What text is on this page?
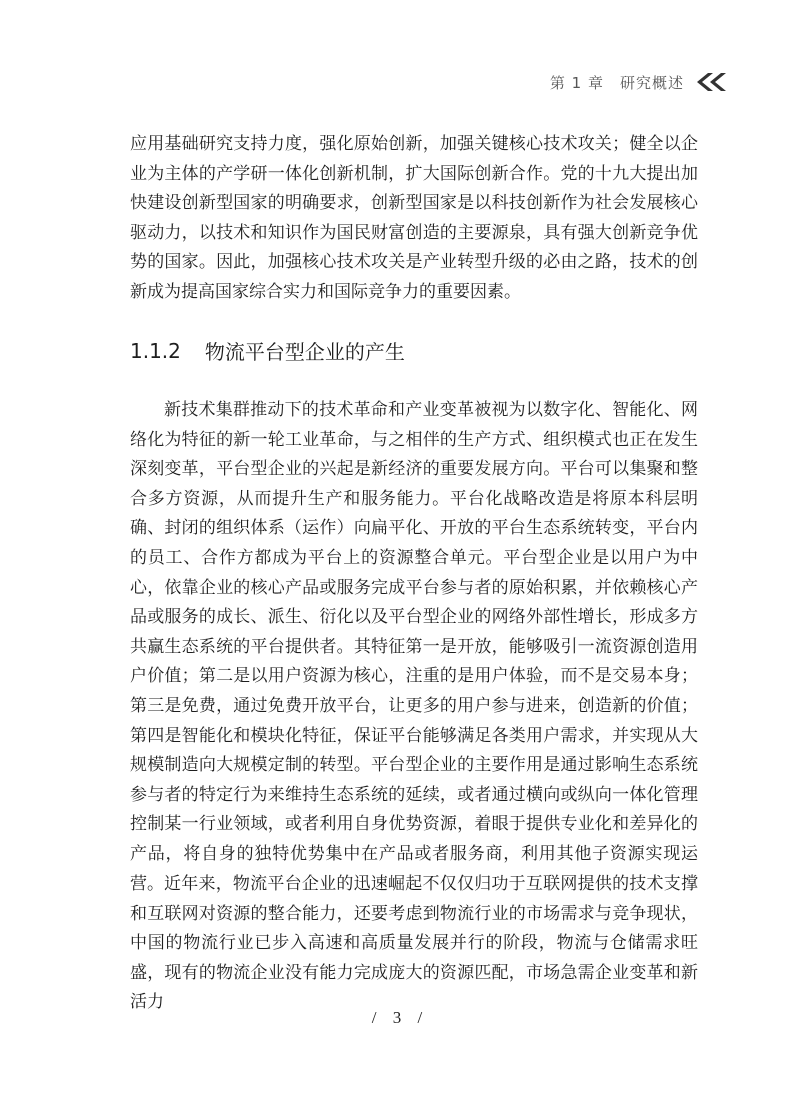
第 1 章　研究概述

应用基础研究支持力度，强化原始创新，加强关键核心技术攻关；健全以企业为主体的产学研一体化创新机制，扩大国际创新合作。党的十九大提出加快建设创新型国家的明确要求，创新型国家是以科技创新作为社会发展核心驱动力，以技术和知识作为国民财富创造的主要源泉，具有强大创新竞争优势的国家。因此，加强核心技术攻关是产业转型升级的必由之路，技术的创新成为提高国家综合实力和国际竞争力的重要因素。

1.1.2 物流平台型企业的产生

新技术集群推动下的技术革命和产业变革被视为以数字化、智能化、网络化为特征的新一轮工业革命，与之相伴的生产方式、组织模式也正在发生深刻变革，平台型企业的兴起是新经济的重要发展方向。平台可以集聚和整合多方资源，从而提升生产和服务能力。平台化战略改造是将原本科层明确、封闭的组织体系（运作）向扁平化、开放的平台生态系统转变，平台内的员工、合作方都成为平台上的资源整合单元。平台型企业是以用户为中心，依靠企业的核心产品或服务完成平台参与者的原始积累，并依赖核心产品或服务的成长、派生、衍化以及平台型企业的网络外部性增长，形成多方共赢生态系统的平台提供者。其特征第一是开放，能够吸引一流资源创造用户价值；第二是以用户资源为核心，注重的是用户体验，而不是交易本身；第三是免费，通过免费开放平台，让更多的用户参与进来，创造新的价值；第四是智能化和模块化特征，保证平台能够满足各类用户需求，并实现从大规模制造向大规模定制的转型。平台型企业的主要作用是通过影响生态系统参与者的特定行为来维持生态系统的延续，或者通过横向或纵向一体化管理控制某一行业领域，或者利用自身优势资源，着眼于提供专业化和差异化的产品，将自身的独特优势集中在产品或者服务商，利用其他子资源实现运营。 近年来，物流平台企业的迅速崛起不仅仅归功于互联网提供的技术支撑和互联网对资源的整合能力，还要考虑到物流行业的市场需求与竞争现状，中国的物流行业已步入高速和高质量发展并行的阶段，物流与仓储需求旺盛，现有的物流企业没有能力完成庞大的资源匹配，市场急需企业变革和新活力

/ 3 /
